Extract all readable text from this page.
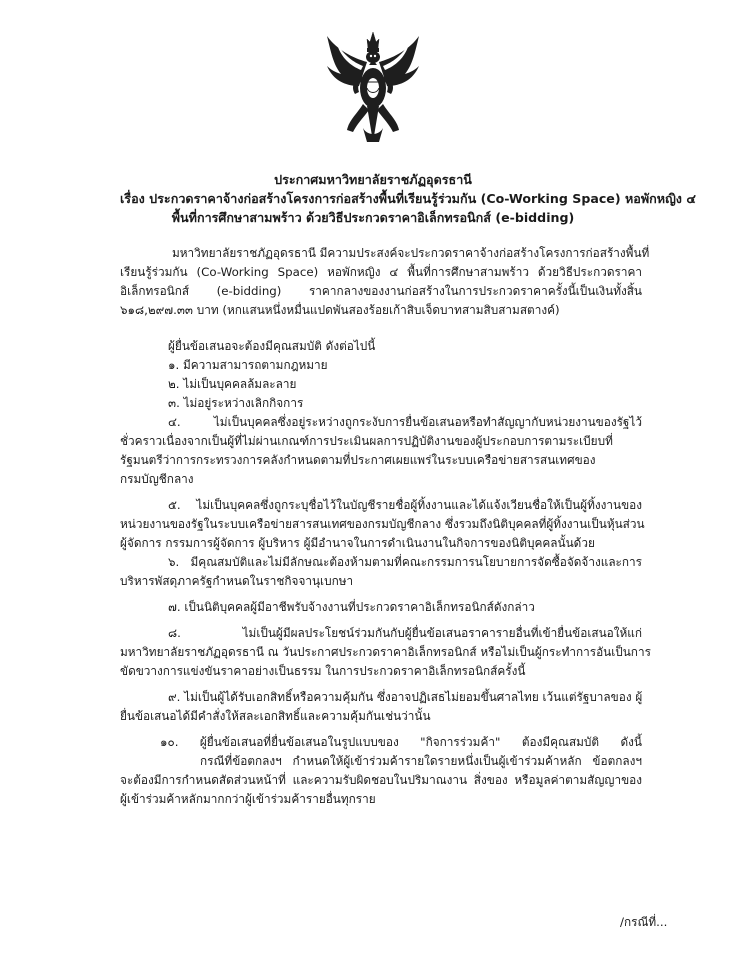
ประกาศมหาวิทยาลัยราชภัฏอุดรธานี
เรื่อง ประกวดราคาจ้างก่อสร้างโครงการก่อสร้างพื้นที่เรียนรู้ร่วมกัน (Co-Working Space) หอพักหญิง ๔
พื้นที่การศึกษาสามพร้าว ด้วยวิธีประกวดราคาอิเล็กทรอนิกส์ (e-bidding)
มหาวิทยาลัยราชภัฏอุดรธานี มีความประสงค์จะประกวดราคาจ้างก่อสร้างโครงการก่อสร้างพื้นที่
เรียนรู้ร่วมกัน (Co-Working Space) หอพักหญิง ๔ พื้นที่การศึกษาสามพร้าว ด้วยวิธีประกวดราคา
อิเล็กทรอนิกส์ (e-bidding) ราคากลางของงานก่อสร้างในการประกวดราคาครั้งนี้เป็นเงินทั้งสิ้น
๖๑๘,๒๙๗.๓๓ บาท (หกแสนหนึ่งหมื่นแปดพันสองร้อยเก้าสิบเจ็ดบาทสามสิบสามสตางค์)
ผู้ยื่นข้อเสนอจะต้องมีคุณสมบัติ ดังต่อไปนี้
๑. มีความสามารถตามกฎหมาย
๒. ไม่เป็นบุคคลล้มละลาย
๓. ไม่อยู่ระหว่างเลิกกิจการ
๔. ไม่เป็นบุคคลซึ่งอยู่ระหว่างถูกระงับการยื่นข้อเสนอหรือทำสัญญากับหน่วยงานของรัฐไว้
ชั่วคราวเนื่องจากเป็นผู้ที่ไม่ผ่านเกณฑ์การประเมินผลการปฏิบัติงานของผู้ประกอบการตามระเบียบที่
รัฐมนตรีว่าการกระทรวงการคลังกำหนดตามที่ประกาศเผยแพร่ในระบบเครือข่ายสารสนเทศของ
กรมบัญชีกลาง
๕. ไม่เป็นบุคคลซึ่งถูกระบุชื่อไว้ในบัญชีรายชื่อผู้ทิ้งงานและได้แจ้งเวียนชื่อให้เป็นผู้ทิ้งงานของ
หน่วยงานของรัฐในระบบเครือข่ายสารสนเทศของกรมบัญชีกลาง ซึ่งรวมถึงนิติบุคคลที่ผู้ทิ้งงานเป็นหุ้นส่วน
ผู้จัดการ กรรมการผู้จัดการ ผู้บริหาร ผู้มีอำนาจในการดำเนินงานในกิจการของนิติบุคคลนั้นด้วย
๖. มีคุณสมบัติและไม่มีลักษณะต้องห้ามตามที่คณะกรรมการนโยบายการจัดซื้อจัดจ้างและการ
บริหารพัสดุภาครัฐกำหนดในราชกิจจานุเบกษา
๗. เป็นนิติบุคคลผู้มีอาชีพรับจ้างงานที่ประกวดราคาอิเล็กทรอนิกส์ดังกล่าว
๘. ไม่เป็นผู้มีผลประโยชน์ร่วมกันกับผู้ยื่นข้อเสนอราคารายอื่นที่เข้ายื่นข้อเสนอให้แก่
มหาวิทยาลัยราชภัฏอุดรธานี ณ วันประกาศประกวดราคาอิเล็กทรอนิกส์ หรือไม่เป็นผู้กระทำการอันเป็นการ
ขัดขวางการแข่งขันราคาอย่างเป็นธรรม ในการประกวดราคาอิเล็กทรอนิกส์ครั้งนี้
๙. ไม่เป็นผู้ได้รับเอกสิทธิ์หรือความคุ้มกัน ซึ่งอาจปฏิเสธไม่ยอมขึ้นศาลไทย เว้นแต่รัฐบาลของ ผู้
ยื่นข้อเสนอได้มีคำสั่งให้สละเอกสิทธิ์และความคุ้มกันเช่นว่านั้น
๑๐. ผู้ยื่นข้อเสนอที่ยื่นข้อเสนอในรูปแบบของ "กิจการร่วมค้า" ต้องมีคุณสมบัติ ดังนี้
กรณีที่ข้อตกลงฯ กำหนดให้ผู้เข้าร่วมค้ารายใดรายหนึ่งเป็นผู้เข้าร่วมค้าหลัก ข้อตกลงฯ
จะต้องมีการกำหนดสัดส่วนหน้าที่ และความรับผิดชอบในปริมาณงาน สิ่งของ หรือมูลค่าตามสัญญาของ
ผู้เข้าร่วมค้าหลักมากกว่าผู้เข้าร่วมค้ารายอื่นทุกราย
/กรณีที่...
